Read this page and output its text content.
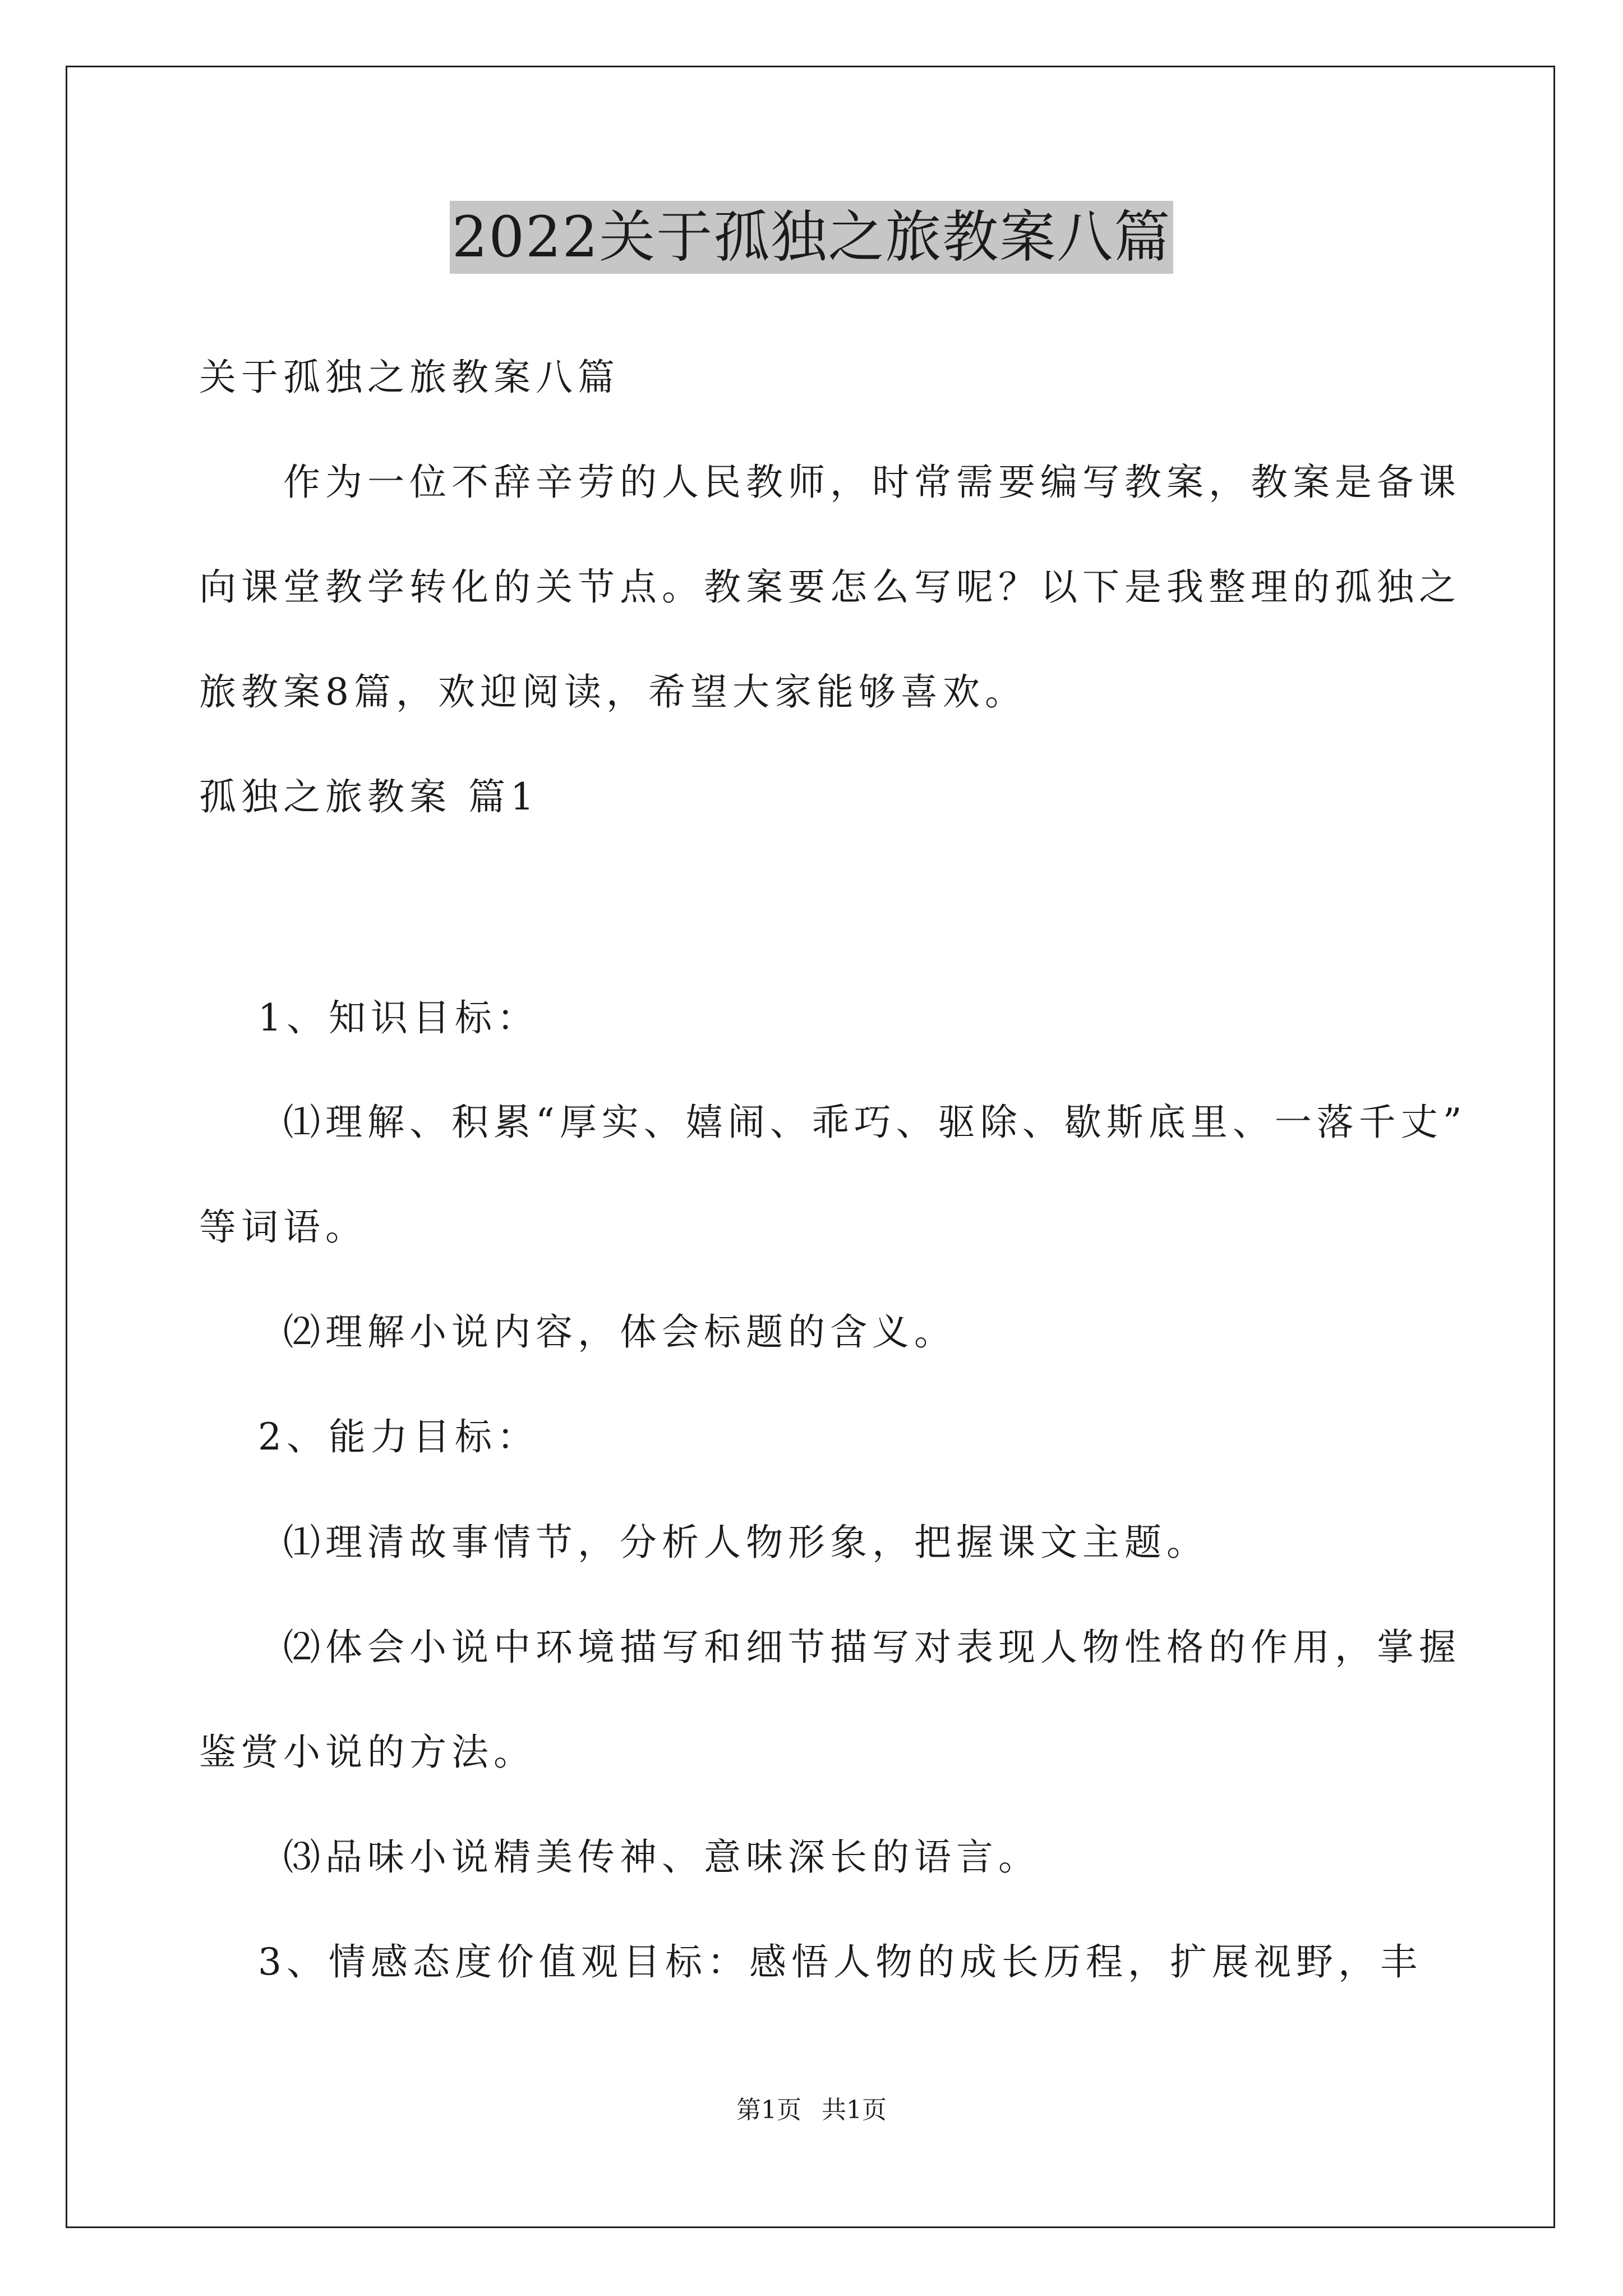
2022关于孤独之旅教案八篇
关于孤独之旅教案八篇
　　作为一位不辞辛劳的人民教师，时常需要编写教案，教案是备课
向课堂教学转化的关节点。教案要怎么写呢？以下是我整理的孤独之
旅教案8篇，欢迎阅读，希望大家能够喜欢。
孤独之旅教案 篇1
　 1、知识目标：
　　⑴理解、积累“厚实、嬉闹、乖巧、驱除、歇斯底里、一落千丈”
等词语。
　　⑵理解小说内容，体会标题的含义。
　 2、能力目标：
　　⑴理清故事情节，分析人物形象，把握课文主题。
　　⑵体会小说中环境描写和细节描写对表现人物性格的作用，掌握
鉴赏小说的方法。
　　⑶品味小说精美传神、意味深长的语言。
　 3、情感态度价值观目标：感悟人物的成长历程，扩展视野，丰
第1页 共1页
